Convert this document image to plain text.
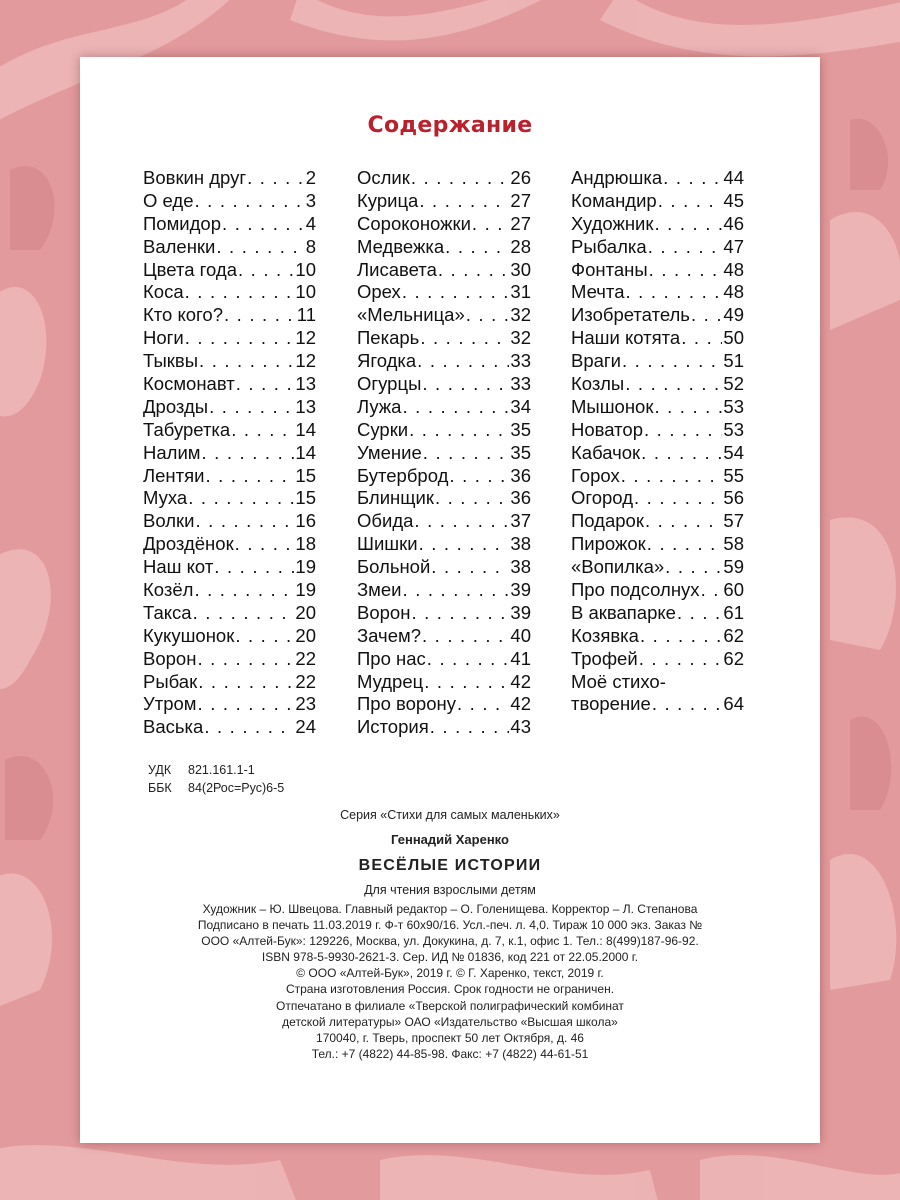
Содержание
Вовкин друг . . .	2
О еде . . .	3
Помидор . . .	4
Валенки . . .	8
Цвета года . . .	10
Коса . . .	10
Кто кого? . . .	11
Ноги . . .	12
Тыквы . . .	12
Космонавт . . .	13
Дрозды . . .	13
Табуретка . . .	14
Налим . . .	14
Лентяи . . .	15
Муха . . .	15
Волки . . .	16
Дроздёнок . . .	18
Наш кот . . .	19
Козёл . . .	19
Такса . . .	20
Кукушонок . . .	20
Ворон . . .	22
Рыбак . . .	22
Утром . . .	23
Васька . . .	24
Ослик . . .	26
Курица . . .	27
Сороконожки . . . 27
Медвежка . . .	28
Лисавета . . .	30
Орех . . .	31
«Мельница» . . . 32
Пекарь . . .	32
Ягодка . . .	33
Огурцы . . .	33
Лужа . . .	34
Сурки . . .	35
Умение . . .	35
Бутерброд . . .	36
Блинщик . . .	36
Обида . . .	37
Шишки . . .	38
Больной . . .	38
Змеи . . .	39
Ворон . . .	39
Зачем? . . .	40
Про нас . . .	41
Мудрец . . .	42
Про ворону . . .	42
История . . .	43
Андрюшка . . .	44
Командир . . .	45
Художник . . .	46
Рыбалка . . .	47
Фонтаны . . .	48
Мечта . . .	48
Изобретатель . . . 49
Наши котята . . . 50
Враги . . .	51
Козлы . . .	52
Мышонок . . .	53
Новатор . . .	53
Кабачок . . .	54
Горох . . .	55
Огород . . .	56
Подарок . . .	57
Пирожок . . .	58
«Вопилка» . . .	59
Про подсолнух . . . 60
В аквапарке . . .	61
Козявка . . .	62
Трофей . . .	62
Моё стихо-
творение . . .	64
УДК 821.161.1-1
ББК 84(2Рос=Рус)6-5
Серия «Стихи для самых маленьких»
Геннадий Харенко
ВЕСЁЛЫЕ ИСТОРИИ
Для чтения взрослыми детям
Художник – Ю. Швецова. Главный редактор – О. Голенищева. Корректор – Л. Степанова
Подписано в печать 11.03.2019 г. Ф-т 60х90/16. Усл.-печ. л. 4,0. Тираж 10 000 экз. Заказ №
ООО «Алтей-Бук»: 129226, Москва, ул. Докукина, д. 7, к.1, офис 1. Тел.: 8(499)187-96-92.
ISBN 978-5-9930-2621-3. Сер. ИД № 01836, код 221 от 22.05.2000 г.
© ООО «Алтей-Бук», 2019 г. © Г. Харенко, текст, 2019 г.
Страна изготовления Россия. Срок годности не ограничен.
Отпечатано в филиале «Тверской полиграфический комбинат
детской литературы» ОАО «Издательство «Высшая школа»
170040, г. Тверь, проспект 50 лет Октября, д. 46
Тел.: +7 (4822) 44-85-98. Факс: +7 (4822) 44-61-51
